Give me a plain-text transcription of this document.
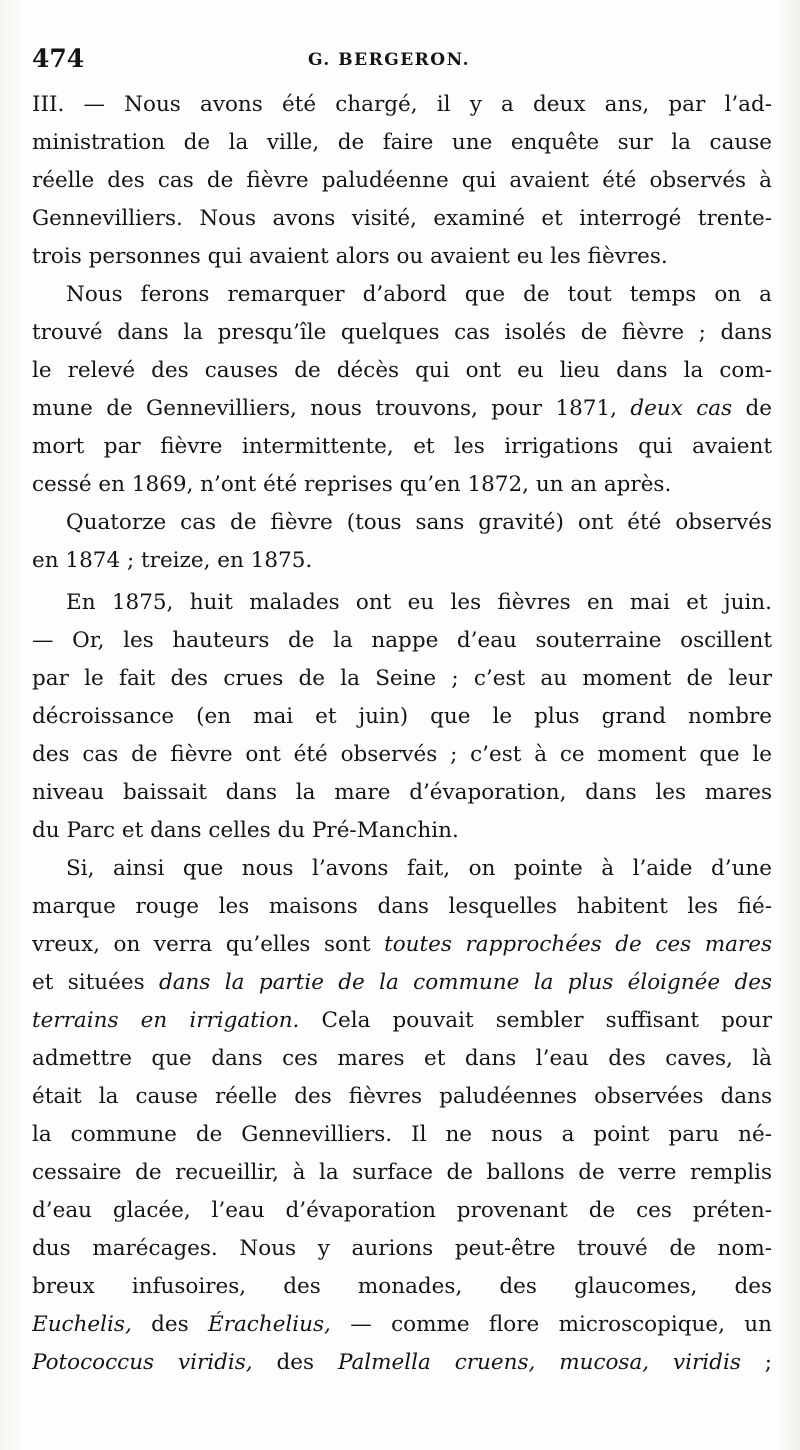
474	G. BERGERON.
III. — Nous avons été chargé, il y a deux ans, par l’ad-
ministration de la ville, de faire une enquête sur la cause
réelle des cas de fièvre paludéenne qui avaient été observés à
Gennevilliers. Nous avons visité, examiné et interrogé trente-
trois personnes qui avaient alors ou avaient eu les fièvres.
Nous ferons remarquer d’abord que de tout temps on a
trouvé dans la presqu’île quelques cas isolés de fièvre ; dans
le relevé des causes de décès qui ont eu lieu dans la com-
mune de Gennevilliers, nous trouvons, pour 1871, deux cas de
mort par fièvre intermittente, et les irrigations qui avaient
cessé en 1869, n’ont été reprises qu’en 1872, un an après.
Quatorze cas de fièvre (tous sans gravité) ont été observés
en 1874 ; treize, en 1875.
En 1875, huit malades ont eu les fièvres en mai et juin.
— Or, les hauteurs de la nappe d’eau souterraine oscillent
par le fait des crues de la Seine ; c’est au moment de leur
décroissance (en mai et juin) que le plus grand nombre
des cas de fièvre ont été observés ; c’est à ce moment que le
niveau baissait dans la mare d’évaporation, dans les mares
du Parc et dans celles du Pré-Manchin.
Si, ainsi que nous l’avons fait, on pointe à l’aide d’une
marque rouge les maisons dans lesquelles habitent les fié-
vreux, on verra qu’elles sont toutes rapprochées de ces mares
et situées dans la partie de la commune la plus éloignée des
terrains en irrigation. Cela pouvait sembler suffisant pour
admettre que dans ces mares et dans l’eau des caves, là
était la cause réelle des fièvres paludéennes observées dans
la commune de Gennevilliers. Il ne nous a point paru né-
cessaire de recueillir, à la surface de ballons de verre remplis
d’eau glacée, l’eau d’évaporation provenant de ces préten-
dus marécages. Nous y aurions peut-être trouvé de nom-
breux infusoires, des monades, des glaucomes, des
Euchelis, des Érachelius, — comme flore microscopique, un
Potococcus viridis, des Palmella cruens, mucosa, viridis ;
